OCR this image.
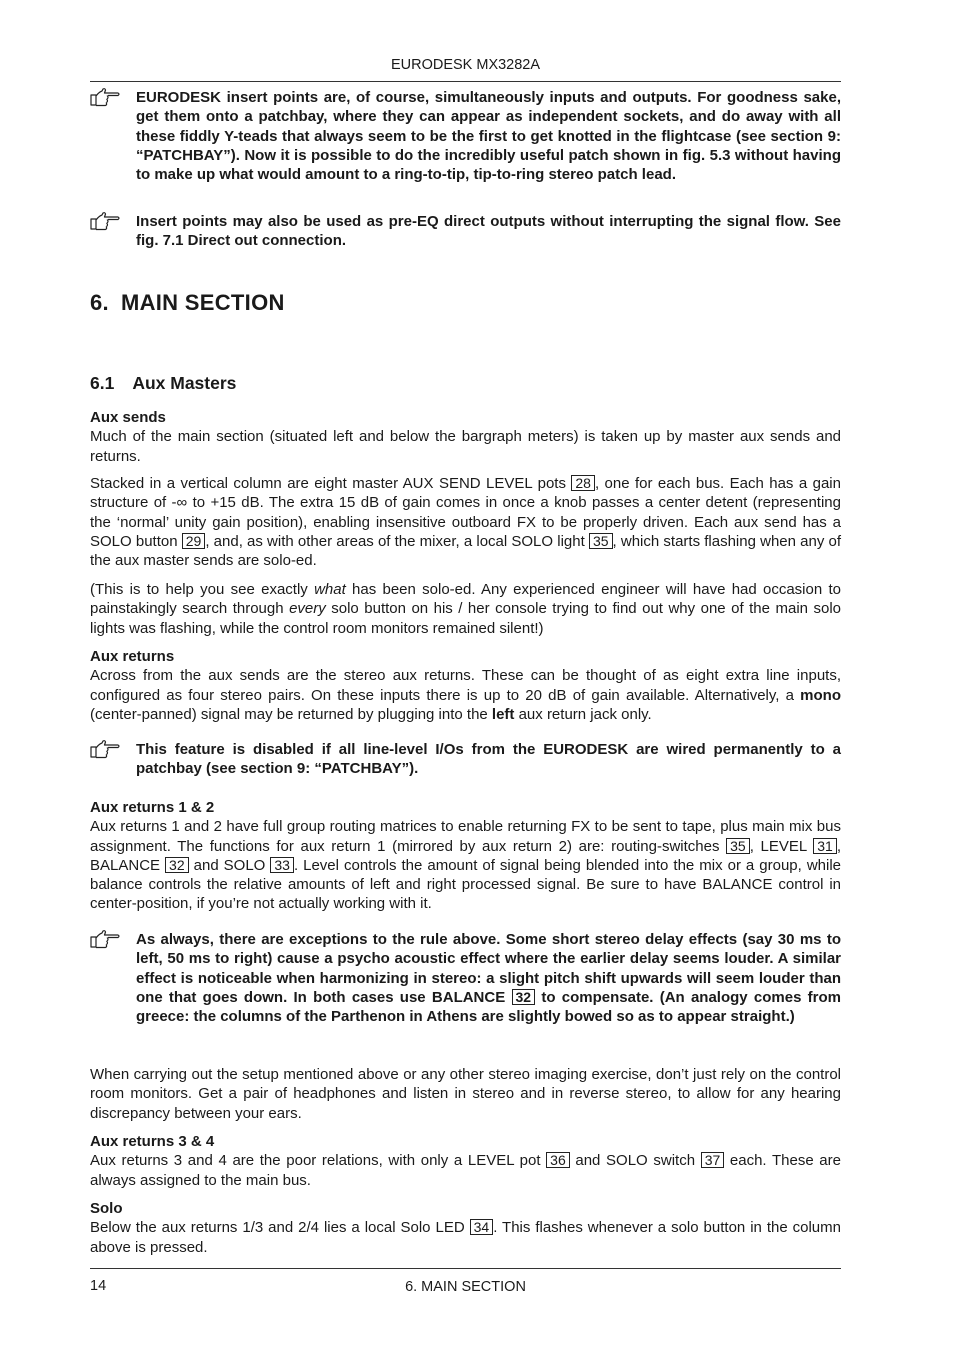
EURODESK MX3282A
EURODESK insert points are, of course, simultaneously inputs and outputs. For goodness sake, get them onto a patchbay, where they can appear as independent sockets, and do away with all these fiddly Y-teads that always seem to be the first to get knotted in the flightcase (see section 9: “PATCHBAY”). Now it is possible to do the incredibly useful patch shown in fig. 5.3 without having to make up what would amount to a ring-to-tip, tip-to-ring stereo patch lead.
Insert points may also be used as pre-EQ direct outputs without interrupting the signal flow. See fig. 7.1 Direct out connection.
6. MAIN SECTION
6.1 Aux Masters
Aux sends

Much of the main section (situated left and below the bargraph meters) is taken up by master aux sends and returns.

Stacked in a vertical column are eight master AUX SEND LEVEL pots 28 , one for each bus. Each has a gain structure of -∞ to +15 dB. The extra 15 dB of gain comes in once a knob passes a center detent (representing the ‘normal’ unity gain position), enabling insensitive outboard FX to be properly driven. Each aux send has a SOLO button 29 , and, as with other areas of the mixer, a local SOLO light 35 , which starts flashing when any of the aux master sends are solo-ed.

(This is to help you see exactly what has been solo-ed. Any experienced engineer will have had occasion to painstakingly search through every solo button on his / her console trying to find out why one of the main solo lights was flashing, while the control room monitors remained silent!)

Aux returns

Across from the aux sends are the stereo aux returns. These can be thought of as eight extra line inputs, configured as four stereo pairs. On these inputs there is up to 20 dB of gain available. Alternatively, a mono (center-panned) signal may be returned by plugging into the left aux return jack only.

This feature is disabled if all line-level I/Os from the EURODESK are wired permanently to a patchbay (see section 9: “PATCHBAY”).
Aux returns 1 & 2

Aux returns 1 and 2 have full group routing matrices to enable returning FX to be sent to tape, plus main mix bus assignment. The functions for aux return 1 (mirrored by aux return 2) are: routing-switches 35 , LEVEL 31 , BALANCE 32 and SOLO 33 . Level controls the amount of signal being blended into the mix or a group, while balance controls the relative amounts of left and right processed signal. Be sure to have BALANCE control in center-position, if you’re not actually working with it.

As always, there are exceptions to the rule above. Some short stereo delay effects (say 30 ms to left, 50 ms to right) cause a psycho acoustic effect where the earlier delay seems louder. A similar effect is noticeable when harmonizing in stereo: a slight pitch shift upwards will seem louder than one that goes down. In both cases use BALANCE 32 to compensate. (An analogy comes from greece: the columns of the Parthenon in Athens are slightly bowed so as to appear straight.)

When carrying out the setup mentioned above or any other stereo imaging exercise, don’t just rely on the control room monitors. Get a pair of headphones and listen in stereo and in reverse stereo, to allow for any hearing discrepancy between your ears.

Aux returns 3 & 4

Aux returns 3 and 4 are the poor relations, with only a LEVEL pot 36 and SOLO switch 37 each. These are always assigned to the main bus.

Solo

Below the aux returns 1/3 and 2/4 lies a local Solo LED 34 . This flashes whenever a solo button in the column above is pressed.

14	6. MAIN SECTION
